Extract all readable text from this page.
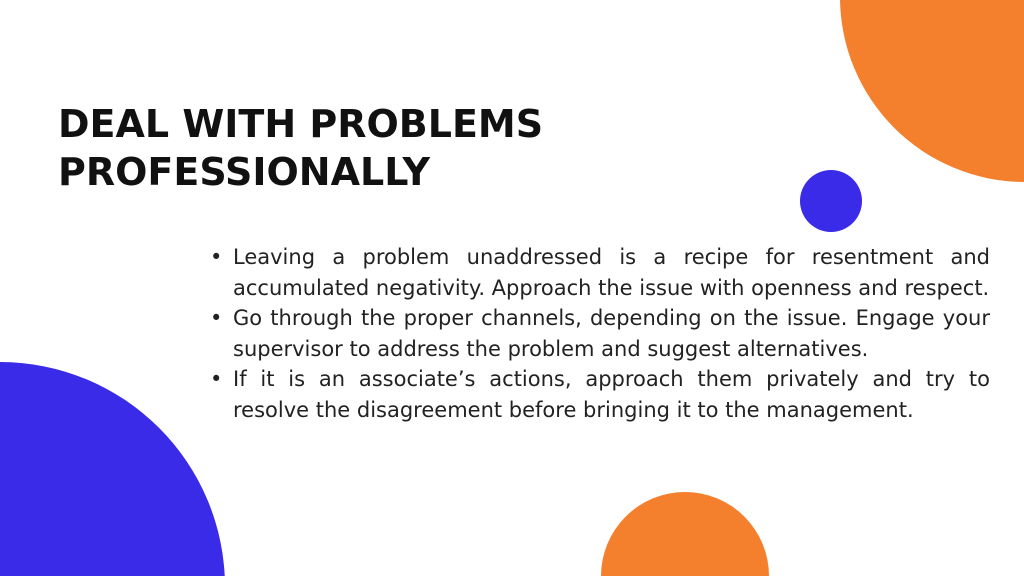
DEAL WITH PROBLEMS
PROFESSIONALLY
• Leaving a problem unaddressed is a recipe for resentment and accumulated negativity. Approach the issue with openness and respect.
• Go through the proper channels, depending on the issue. Engage your supervisor to address the problem and suggest alternatives.
• If it is an associate’s actions, approach them privately and try to resolve the disagreement before bringing it to the management.
